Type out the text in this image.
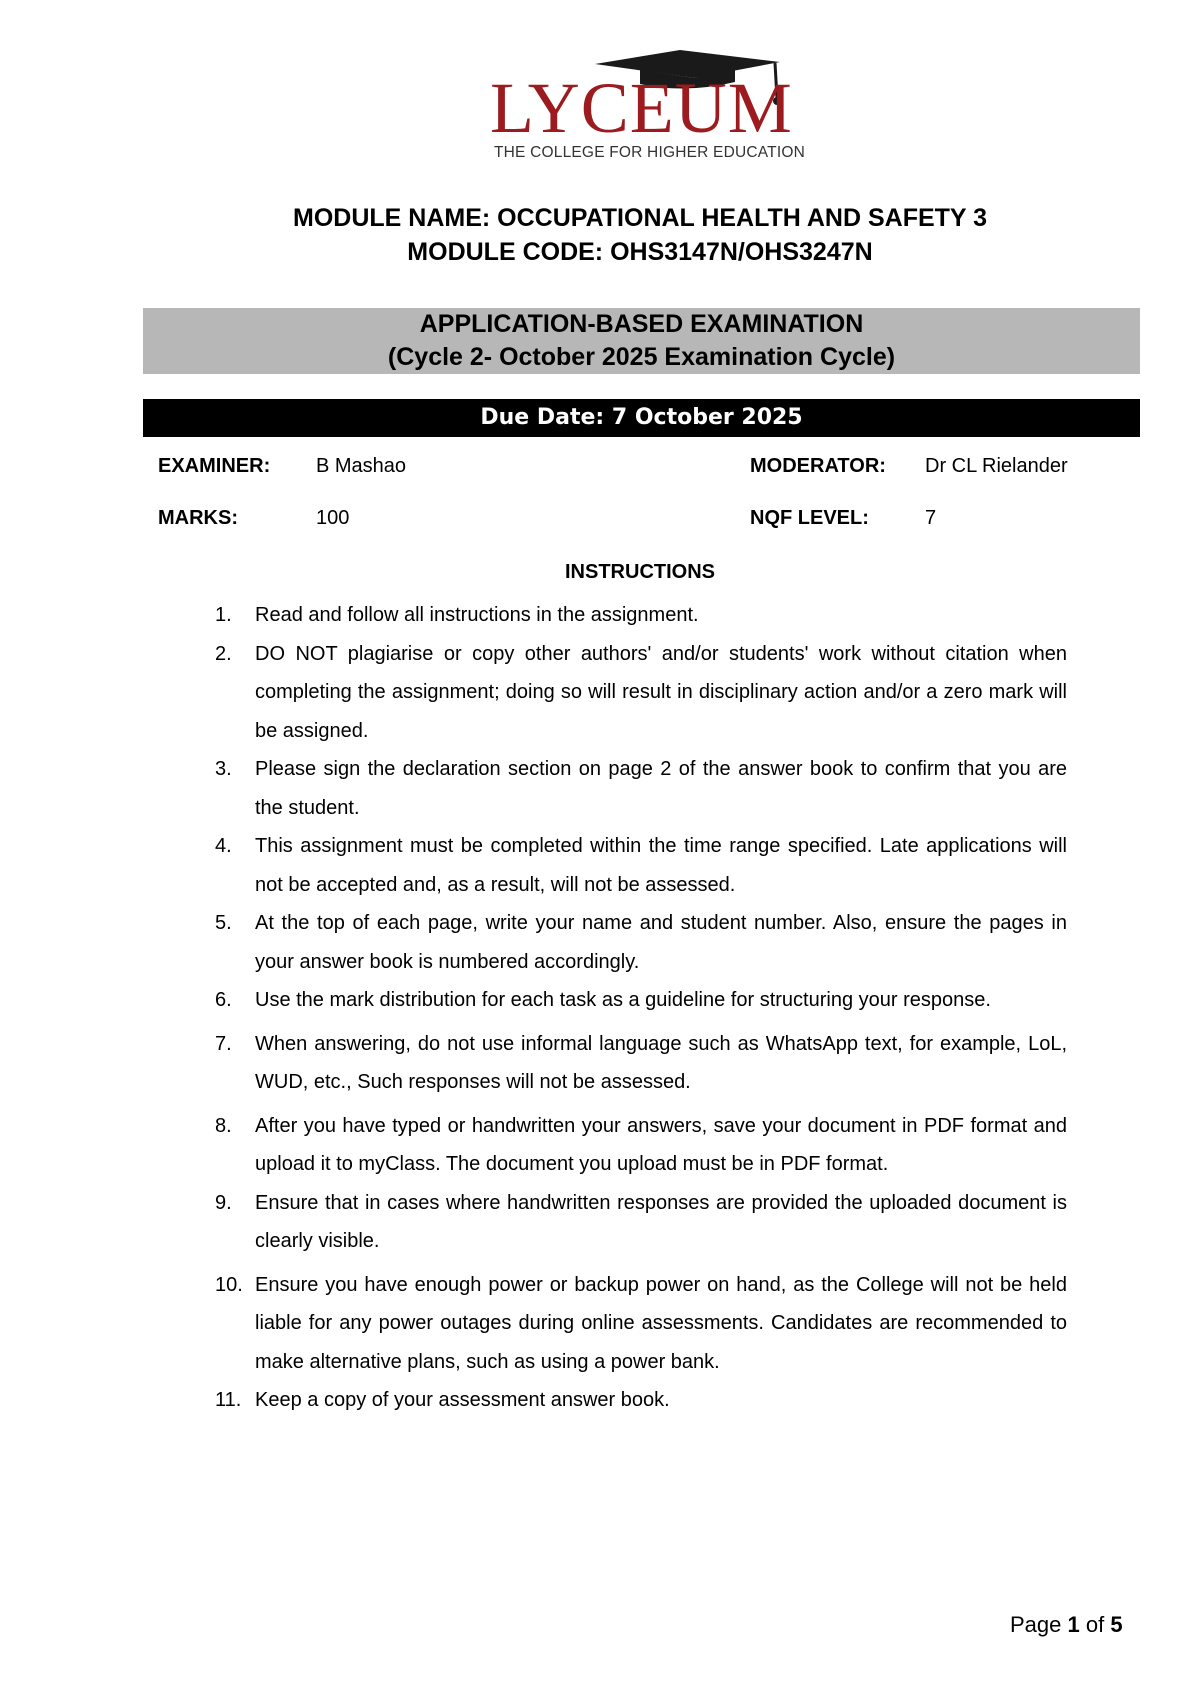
LYCEUM
THE COLLEGE FOR HIGHER EDUCATION
MODULE NAME: OCCUPATIONAL HEALTH AND SAFETY 3
MODULE CODE: OHS3147N/OHS3247N
APPLICATION-BASED EXAMINATION
(Cycle 2- October 2025 Examination Cycle)
Due Date: 7 October 2025
EXAMINER: B Mashao	MODERATOR: Dr CL Rielander
MARKS:	100	NQF LEVEL:	7
INSTRUCTIONS
1. Read and follow all instructions in the assignment.
2. DO NOT plagiarise or copy other authors' and/or students' work without citation when completing the assignment; doing so will result in disciplinary action and/or a zero mark will be assigned.
3. Please sign the declaration section on page 2 of the answer book to confirm that you are the student.
4. This assignment must be completed within the time range specified. Late applications will not be accepted and, as a result, will not be assessed.
5. At the top of each page, write your name and student number. Also, ensure the pages in your answer book is numbered accordingly.
6. Use the mark distribution for each task as a guideline for structuring your response.
7. When answering, do not use informal language such as WhatsApp text, for example, LoL, WUD, etc., Such responses will not be assessed.
8. After you have typed or handwritten your answers, save your document in PDF format and upload it to myClass. The document you upload must be in PDF format.
9. Ensure that in cases where handwritten responses are provided the uploaded document is clearly visible.
10. Ensure you have enough power or backup power on hand, as the College will not be held liable for any power outages during online assessments. Candidates are recommended to make alternative plans, such as using a power bank.
11. Keep a copy of your assessment answer book.
Page 1 of 5
